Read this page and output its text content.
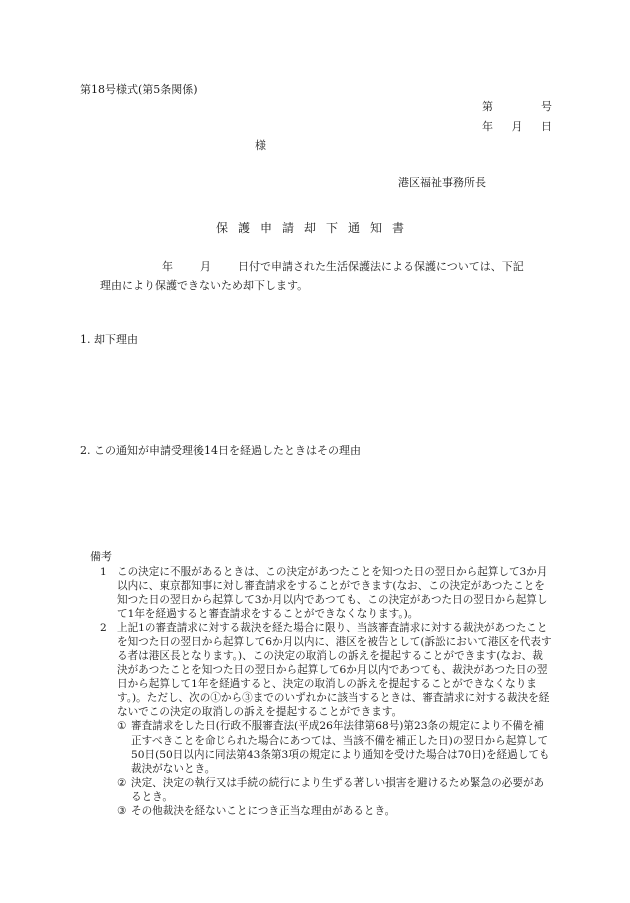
第18号様式(第5条関係)
第	号
年 月 日
様
港区福祉事務所長
保護申請却下通知書
年 月 日付で申請された生活保護法による保護については、下記
理由により保護できないため却下します。
1. 却下理由
2. この通知が申請受理後14日を経過したときはその理由
備考
1 この決定に不服があるときは、この決定があつたことを知つた日の翌日から起算して3か月以内に、東京都知事に対し審査請求をすることができます(なお、この決定があつたことを知つた日の翌日から起算して3か月以内であつても、この決定があつた日の翌日から起算して1年を経過すると審査請求をすることができなくなります。)。
2 上記1の審査請求に対する裁決を経た場合に限り、当該審査請求に対する裁決があつたことを知つた日の翌日から起算して6か月以内に、港区を被告として(訴訟において港区を代表する者は港区長となります。)、この決定の取消しの訴えを提起することができます(なお、裁決があつたことを知つた日の翌日から起算して6か月以内であつても、裁決があつた日の翌日から起算して1年を経過すると、決定の取消しの訴えを提起することができなくなります。)。ただし、次の①から③までのいずれかに該当するときは、審査請求に対する裁決を経ないでこの決定の取消しの訴えを提起することができます。
① 審査請求をした日(行政不服審査法(平成26年法律第68号)第23条の規定により不備を補正すべきことを命じられた場合にあつては、当該不備を補正した日)の翌日から起算して50日(50日以内に同法第43条第3項の規定により通知を受けた場合は70日)を経過しても裁決がないとき。
② 決定、決定の執行又は手続の続行により生ずる著しい損害を避けるため緊急の必要があるとき。
③ その他裁決を経ないことにつき正当な理由があるとき。
